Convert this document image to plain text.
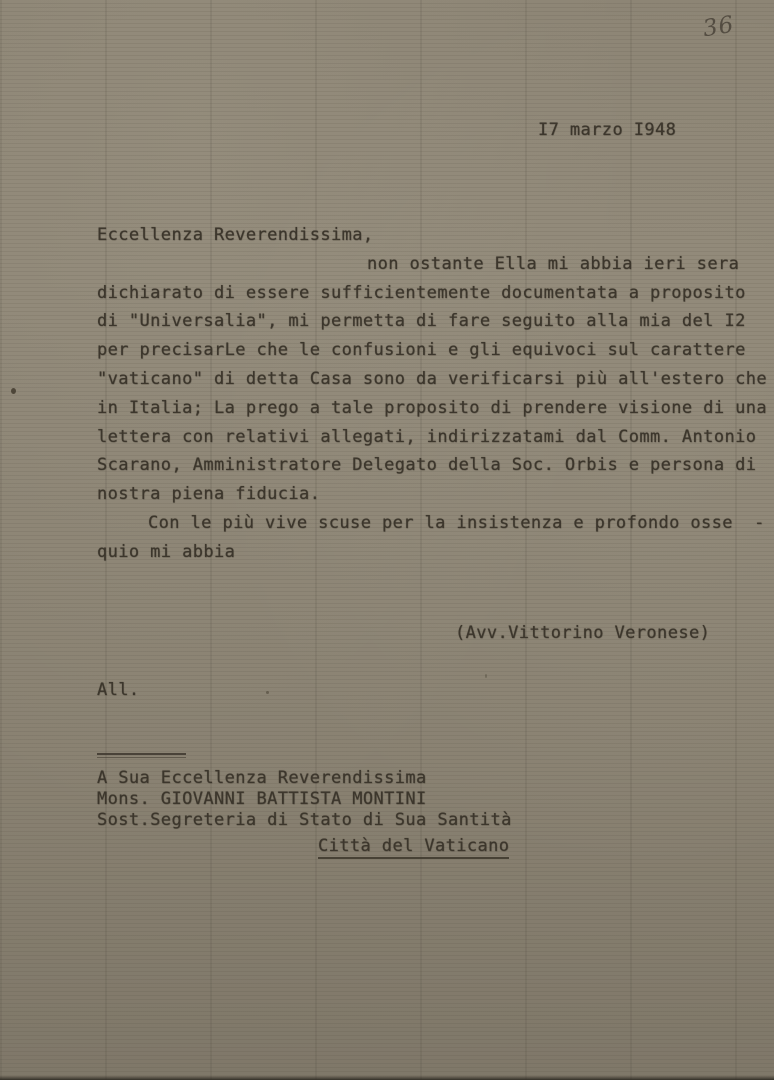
36
I7 marzo I948
Eccellenza Reverendissima,
non ostante Ella mi abbia ieri sera
dichiarato di essere sufficientemente documentata a proposito
di "Universalia", mi permetta di fare seguito alla mia del I2
per precisarLe che le confusioni e gli equivoci sul carattere
"vaticano" di detta Casa sono da verificarsi più all'estero che
in Italia; La prego a tale proposito di prendere visione di una
lettera con relativi allegati, indirizzatami dal Comm. Antonio
Scarano, Amministratore Delegato della Soc. Orbis e persona di
nostra piena fiducia.
Con le più vive scuse per la insistenza e profondo osse  -
quio mi abbia
(Avv.Vittorino Veronese)
All.
A Sua Eccellenza Reverendissima
Mons. GIOVANNI BATTISTA MONTINI
Sost.Segreteria di Stato di Sua Santità
Città del Vaticano
